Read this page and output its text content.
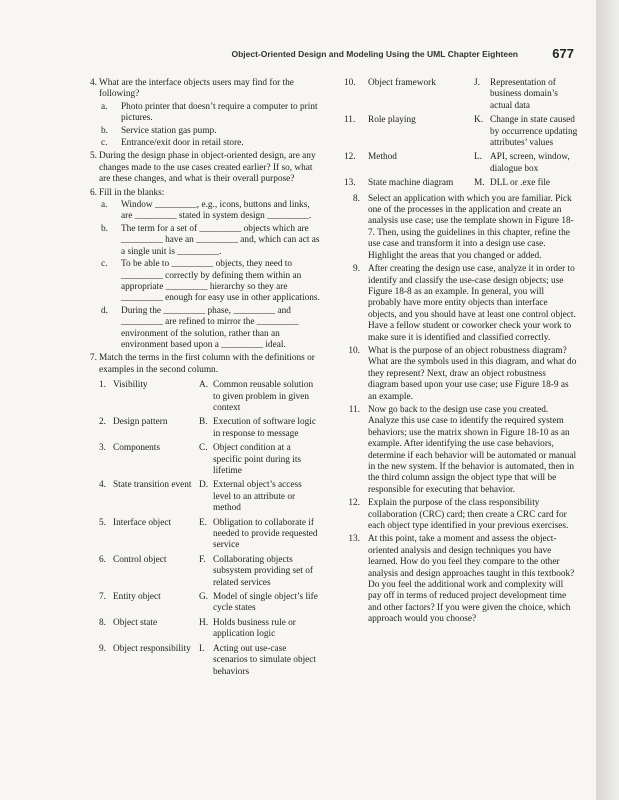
Object-Oriented Design and Modeling Using the UML Chapter Eighteen	677
4. What are the interface objects users may find for the following?
a. Photo printer that doesn’t require a computer to print pictures.
b. Service station gas pump.
c. Entrance/exit door in retail store.
5. During the design phase in object-oriented design, are any changes made to the use cases created earlier? If so, what are these changes, and what is their overall purpose?
6. Fill in the blanks:
a. Window _________, e.g., icons, buttons and links, are _________ stated in system design _________.
b. The term for a set of _________ objects which are _________ have an _________ and, which can act as a single unit is _________.
c. To be able to _________ objects, they need to _________ correctly by defining them within an appropriate _________ hierarchy so they are _________ enough for easy use in other applications.
d. During the _________ phase, _________ and _________ are refined to mirror the _________ environment of the solution, rather than an environment based upon a _________ ideal.
7. Match the terms in the first column with the definitions or examples in the second column.
1. Visibility	A. Common reusable solution to given problem in given context
2. Design pattern	B. Execution of software logic in response to message
3. Components	C. Object condition at a specific point during its lifetime
4. State transition event D. External object’s access level to an attribute or method
5. Interface object	E. Obligation to collaborate if needed to provide requested service
6. Control object	F. Collaborating objects subsystem providing set of related services
7. Entity object	G. Model of single object’s life cycle states
8. Object state	H. Holds business rule or application logic
9. Object responsibility I. Acting out use-case scenarios to simulate object behaviors
10. Object framework	J. Representation of business domain’s actual data
11. Role playing	K. Change in state caused by occurrence updating attributes’ values
12. Method	L. API, screen, window, dialogue box
13. State machine diagram	M. DLL or .exe file
8. Select an application with which you are familiar. Pick one of the processes in the application and create an analysis use case; use the template shown in Figure 18-7. Then, using the guidelines in this chapter, refine the use case and transform it into a design use case. Highlight the areas that you changed or added.
9. After creating the design use case, analyze it in order to identify and classify the use-case design objects; use Figure 18-8 as an example. In general, you will probably have more entity objects than interface objects, and you should have at least one control object. Have a fellow student or coworker check your work to make sure it is identified and classified correctly.
10. What is the purpose of an object robustness diagram? What are the symbols used in this diagram, and what do they represent? Next, draw an object robustness diagram based upon your use case; use Figure 18-9 as an example.
11. Now go back to the design use case you created. Analyze this use case to identify the required system behaviors; use the matrix shown in Figure 18-10 as an example. After identifying the use case behaviors, determine if each behavior will be automated or manual in the new system. If the behavior is automated, then in the third column assign the object type that will be responsible for executing that behavior.
12. Explain the purpose of the class responsibility collaboration (CRC) card; then create a CRC card for each object type identified in your previous exercises.
13. At this point, take a moment and assess the object-oriented analysis and design techniques you have learned. How do you feel they compare to the other analysis and design approaches taught in this textbook? Do you feel the additional work and complexity will pay off in terms of reduced project development time and other factors? If you were given the choice, which approach would you choose?
